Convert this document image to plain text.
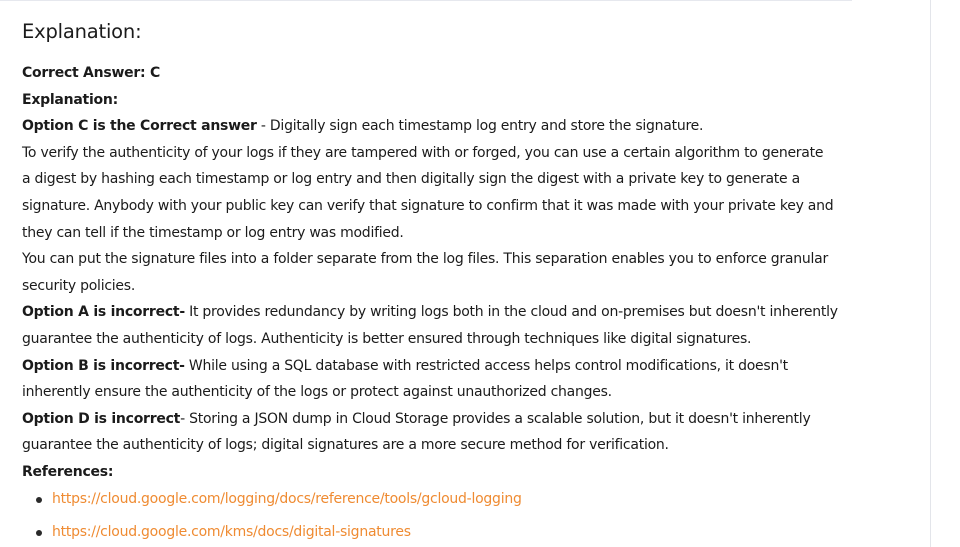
Explanation:

Correct Answer: C

Explanation:

Option C is the Correct answer - Digitally sign each timestamp log entry and store the signature.

To verify the authenticity of your logs if they are tampered with or forged, you can use a certain algorithm to generate

a digest by hashing each timestamp or log entry and then digitally sign the digest with a private key to generate a

signature. Anybody with your public key can verify that signature to confirm that it was made with your private key and

they can tell if the timestamp or log entry was modified.

You can put the signature files into a folder separate from the log files. This separation enables you to enforce granular

security policies.

Option A is incorrect- It provides redundancy by writing logs both in the cloud and on-premises but doesn't inherently

guarantee the authenticity of logs. Authenticity is better ensured through techniques like digital signatures.

Option B is incorrect- While using a SQL database with restricted access helps control modifications, it doesn't

inherently ensure the authenticity of the logs or protect against unauthorized changes.

Option D is incorrect- Storing a JSON dump in Cloud Storage provides a scalable solution, but it doesn't inherently

guarantee the authenticity of logs; digital signatures are a more secure method for verification.

References:

https://cloud.google.com/logging/docs/reference/tools/gcloud-logging
https://cloud.google.com/kms/docs/digital-signatures
